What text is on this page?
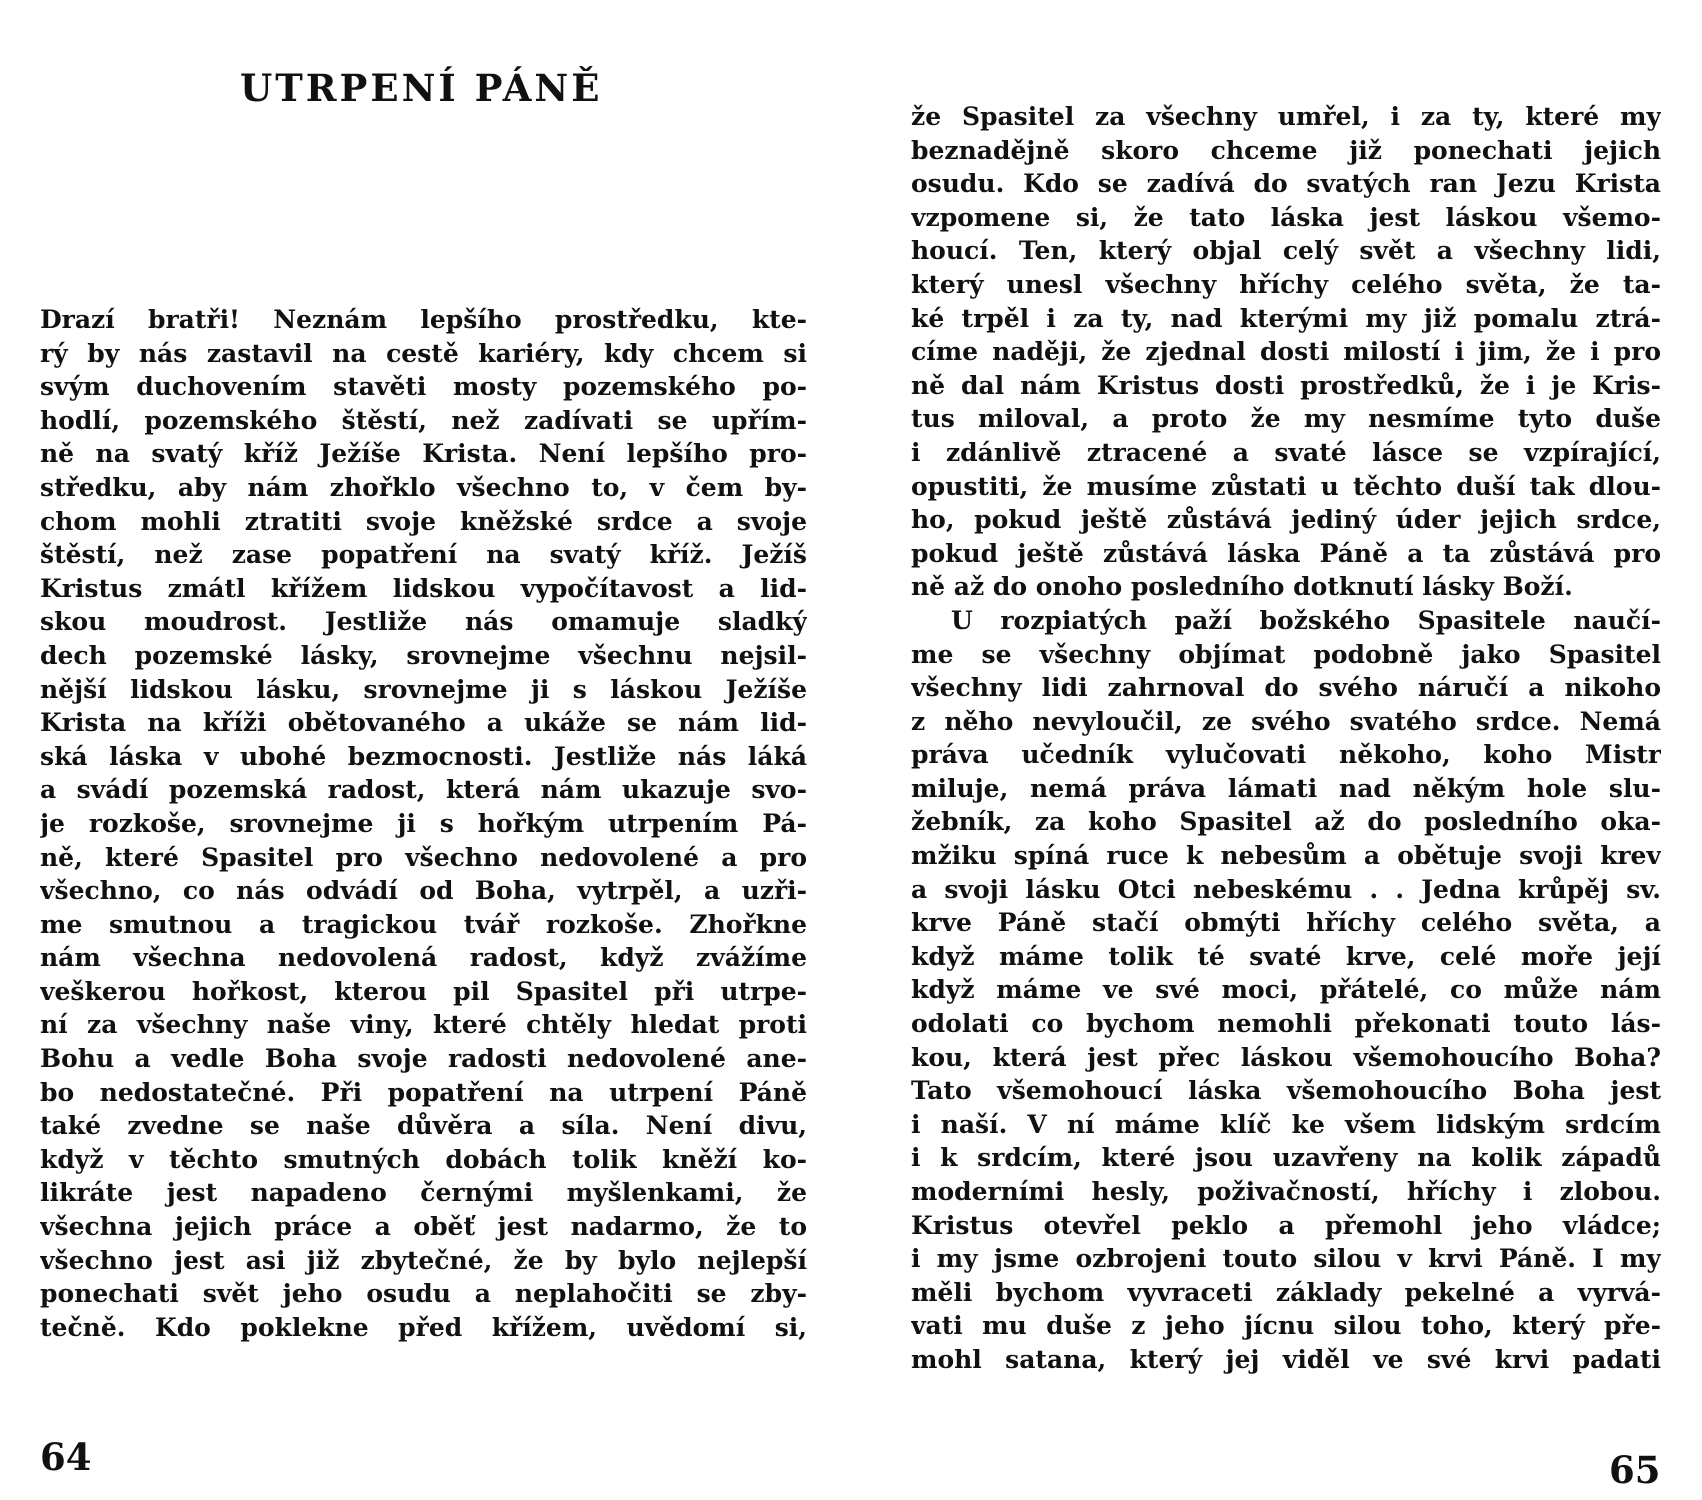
UTRPENÍ PÁNĚ
Drazí bratři! Neznám lepšího prostředku, kte-
rý by nás zastavil na cestě kariéry, kdy chcem si
svým duchovením stavěti mosty pozemského po-
hodlí, pozemského štěstí, než zadívati se upřím-
ně na svatý kříž Ježíše Krista. Není lepšího pro-
středku, aby nám zhořklo všechno to, v čem by-
chom mohli ztratiti svoje kněžské srdce a svoje
štěstí, než zase popatření na svatý kříž. Ježíš
Kristus zmátl křížem lidskou vypočítavost a lid-
skou moudrost. Jestliže nás omamuje sladký
dech pozemské lásky, srovnejme všechnu nejsil-
nější lidskou lásku, srovnejme ji s láskou Ježíše
Krista na kříži obětovaného a ukáže se nám lid-
ská láska v ubohé bezmocnosti. Jestliže nás láká
a svádí pozemská radost, která nám ukazuje svo-
je rozkoše, srovnejme ji s hořkým utrpením Pá-
ně, které Spasitel pro všechno nedovolené a pro
všechno, co nás odvádí od Boha, vytrpěl, a uzři-
me smutnou a tragickou tvář rozkoše. Zhořkne
nám všechna nedovolená radost, když zvážíme
veškerou hořkost, kterou pil Spasitel při utrpe-
ní za všechny naše viny, které chtěly hledat proti
Bohu a vedle Boha svoje radosti nedovolené ane-
bo nedostatečné. Při popatření na utrpení Páně
také zvedne se naše důvěra a síla. Není divu,
když v těchto smutných dobách tolik kněží ko-
likráte jest napadeno černými myšlenkami, že
všechna jejich práce a oběť jest nadarmo, že to
všechno jest asi již zbytečné, že by bylo nejlepší
ponechati svět jeho osudu a neplahočiti se zby-
tečně. Kdo poklekne před křížem, uvědomí si,
64
že Spasitel za všechny umřel, i za ty, které my
beznadějně skoro chceme již ponechati jejich
osudu. Kdo se zadívá do svatých ran Jezu Krista
vzpomene si, že tato láska jest láskou všemo-
houcí. Ten, který objal celý svět a všechny lidi,
který unesl všechny hříchy celého světa, že ta-
ké trpěl i za ty, nad kterými my již pomalu ztrá-
címe naději, že zjednal dosti milostí i jim, že i pro
ně dal nám Kristus dosti prostředků, že i je Kris-
tus miloval, a proto že my nesmíme tyto duše
i zdánlivě ztracené a svaté lásce se vzpírající,
opustiti, že musíme zůstati u těchto duší tak dlou-
ho, pokud ještě zůstává jediný úder jejich srdce,
pokud ještě zůstává láska Páně a ta zůstává pro
ně až do onoho posledního dotknutí lásky Boží.
U rozpiatých paží božského Spasitele naučí-
me se všechny objímat podobně jako Spasitel
všechny lidi zahrnoval do svého náručí a nikoho
z něho nevyloučil, ze svého svatého srdce. Nemá
práva učedník vylučovati někoho, koho Mistr
miluje, nemá práva lámati nad někým hole slu-
žebník, za koho Spasitel až do posledního oka-
mžiku spíná ruce k nebesům a obětuje svoji krev
a svoji lásku Otci nebeskému . . Jedna krůpěj sv.
krve Páně stačí obmýti hříchy celého světa, a
když máme tolik té svaté krve, celé moře její
když máme ve své moci, přátelé, co může nám
odolati co bychom nemohli překonati touto lás-
kou, která jest přec láskou všemohoucího Boha?
Tato všemohoucí láska všemohoucího Boha jest
i naší. V ní máme klíč ke všem lidským srdcím
i k srdcím, které jsou uzavřeny na kolik západů
moderními hesly, poživačností, hříchy i zlobou.
Kristus otevřel peklo a přemohl jeho vládce;
i my jsme ozbrojeni touto silou v krvi Páně. I my
měli bychom vyvraceti základy pekelné a vyrvá-
vati mu duše z jeho jícnu silou toho, který pře-
mohl satana, který jej viděl ve své krvi padati
65
